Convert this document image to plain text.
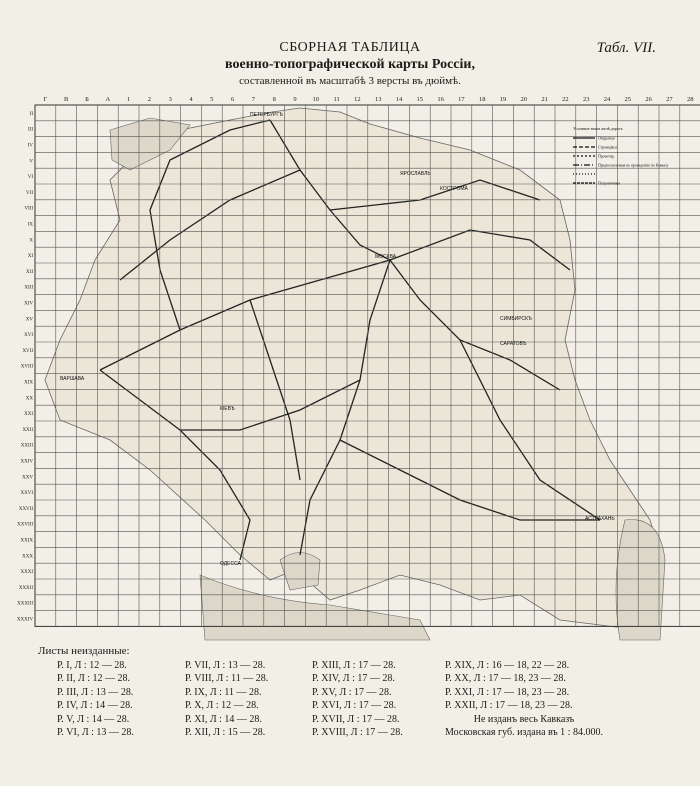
СБОРНАЯ ТАБЛИЦА
военно-топографической карты Россіи,
составленной въ масштабѣ 3 версты въ дюймѣ.
Табл. VII.
Г	В	Б	А	1	2	3	4	5	6	7	8	9 10 11 12 13 14 15 16 17 18 19 20 21 22 23 24 25 26 27 28
II
III
IV
V
VI
VII
VIII
IX
X
XI
XII
XIII
XIV
XV
XVI
XVII
XVIII
XIX
XX
XXI
XXII
XXIII
XXIV
XXV
XXVI
XXVII
XXVIII
XXIX
XXX
XXXI
XXXII
XXXIII
XXXIV
ПЕТЕРБУРГЪ
КОСТРОМА
ЯРОСЛАВЛЬ
МОСКВА
СИМБИРСКЪ
САРАТОВЪ
АСТРАХАНЬ
ВАРШАВА
КІЕВЪ
ОДЕССА
Условные знаки желѣ.дорогъ
Открытыя
Строящіяся
Проектир.
Предполагаемыя къ проведенію по Кавказу
Пограничныя
Листы неизданные:
Р. I, Л : 12 — 28.
Р. II, Л : 12 — 28.
Р. III, Л : 13 — 28.
Р. IV, Л : 14 — 28.
Р. V, Л : 14 — 28.
Р. VI, Л : 13 — 28.
Р. VII, Л : 13 — 28.
Р. VIII, Л : 11 — 28.
Р. IX, Л : 11 — 28.
Р. X, Л : 12 — 28.
Р. XI, Л : 14 — 28.
Р. XII, Л : 15 — 28.
Р. XIII, Л : 17 — 28.
Р. XIV, Л : 17 — 28.
Р. XV, Л : 17 — 28.
Р. XVI, Л : 17 — 28.
Р. XVII, Л : 17 — 28.
Р. XVIII, Л : 17 — 28.
Р. XIX, Л : 16 — 18, 22 — 28.
Р. XX, Л : 17 — 18, 23 — 28.
Р. XXI, Л : 17 — 18, 23 — 28.
Р. XXII, Л : 17 — 18, 23 — 28.
Не изданъ весь Кавказъ
Московская губ. издана въ 1 : 84.000.
